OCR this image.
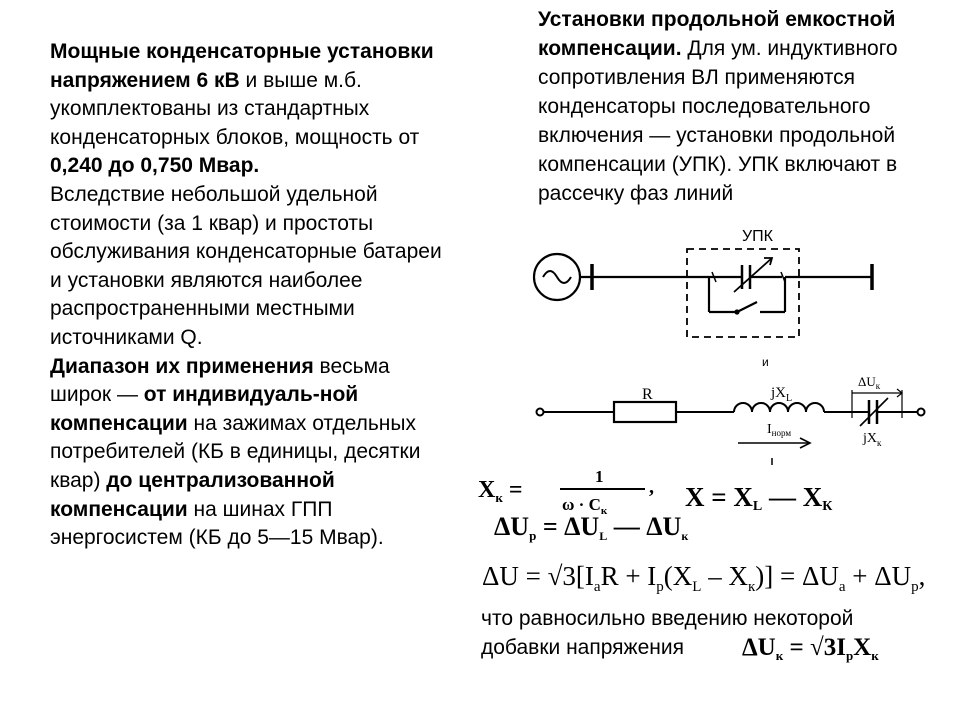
Мощные конденсаторные установки напряжением 6 кВ и выше м.б. укомплектованы из стандартных конденсаторных блоков, мощность от 0,240 до 0,750 Мвар.

Вследствие небольшой удельной стоимости (за 1 квар) и простоты обслуживания конденсаторные батареи и установки являются наиболее распространенными местными источниками Q.

Диапазон их применения весьма широк — от индивидуаль-ной компенсации на зажимах отдельных потребителей (КБ в единицы, десятки квар) до централизованной компенсации на шинах ГПП энергосистем (КБ до 5—15 Мвар).

Установки продольной емкостной компенсации. Для ум. индуктивного сопротивления ВЛ применяются конденсаторы последовательного включения — установки продольной компенсации (УПК). УПК включают в рассечку фаз линий

УПК
и
R	$jX_L$
$\Delta U_к$
$jX_к$
$I_{норм}$
$X_к$ =
1
$\omega \cdot C_к$
, X = XL — XК
ΔUр = ΔUL — ΔUк
$\Delta U = √3[I_аR + I_р(X_L - X_к)] = \Delta U_а + \Delta U_р$,
$\Delta U_к = √3I_рX_к$

что равносильно введению некоторой

добавки напряжения
